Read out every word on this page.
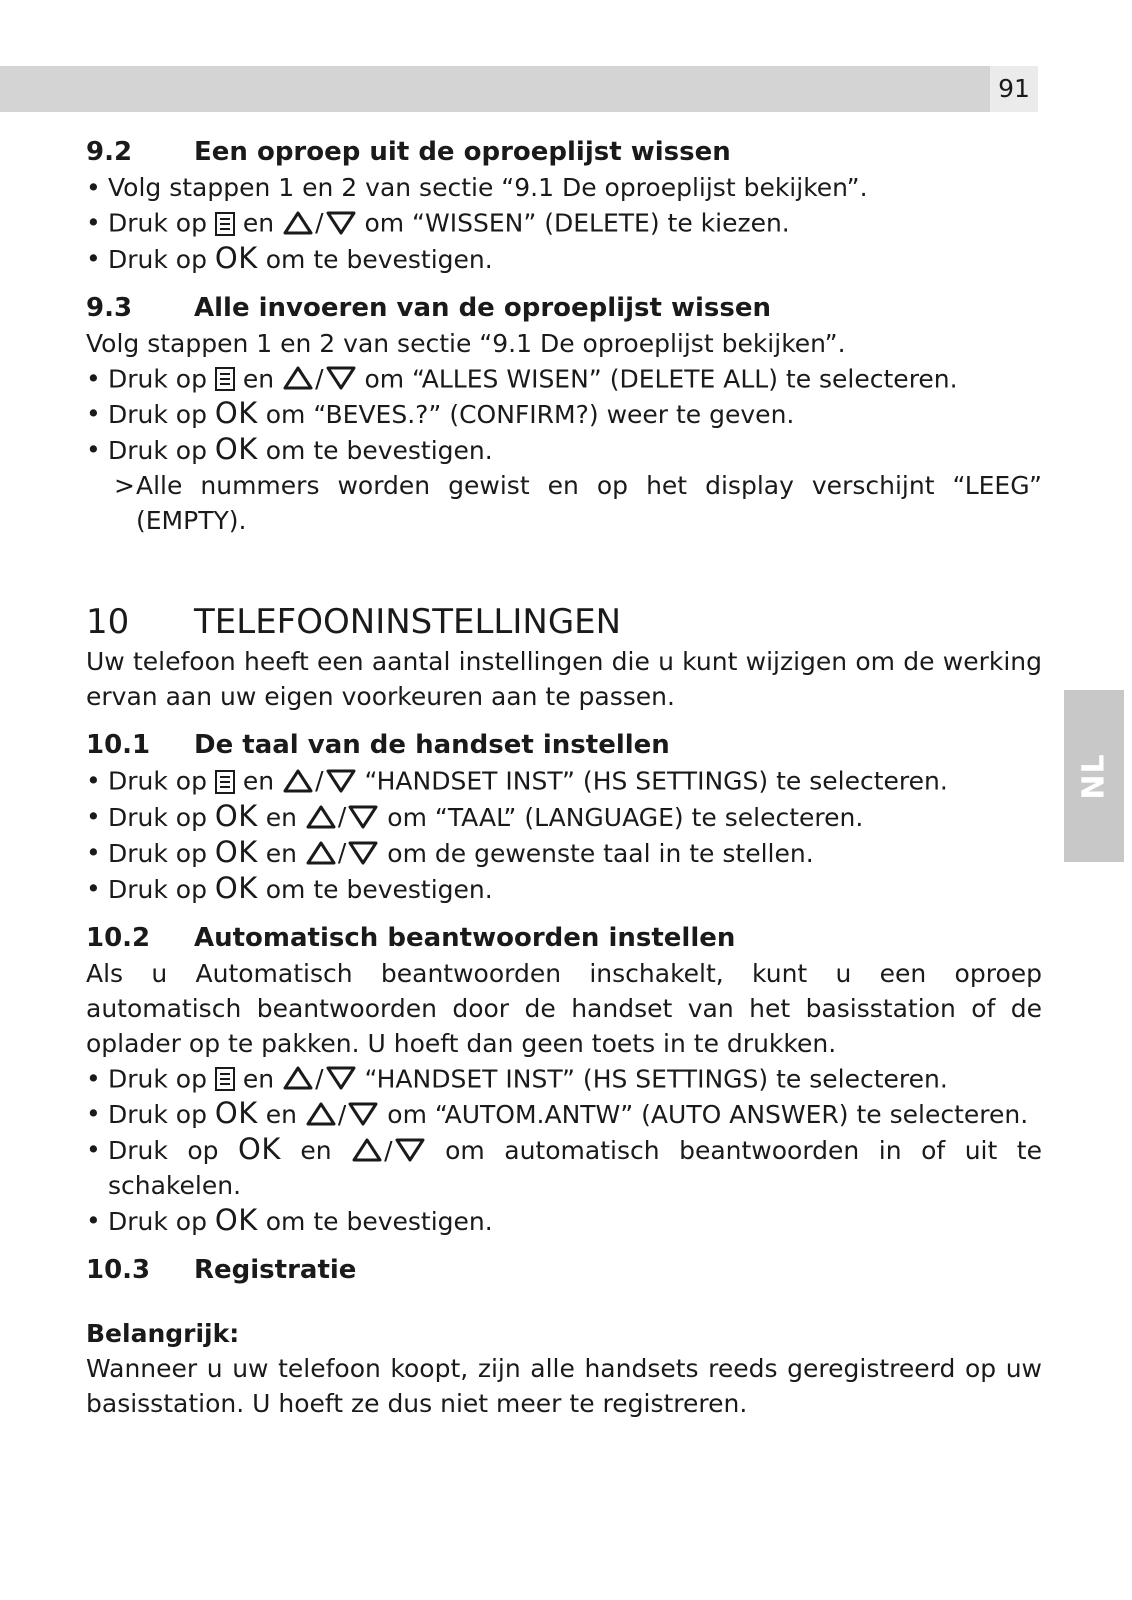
91
NL
9.2	Een oproep uit de oproeplijst wissen
• Volg stappen 1 en 2 van sectie “9.1 De oproeplijst bekijken”.
• Druk op en / om “WISSEN” (DELETE) te kiezen.
• Druk op OK om te bevestigen.
9.3	Alle invoeren van de oproeplijst wissen

Volg stappen 1 en 2 van sectie “9.1 De oproeplijst bekijken”.

• Druk op en / om “ALLES WISEN” (DELETE ALL) te selecteren.
• Druk op OK om “BEVES.?” (CONFIRM?) weer te geven.
• Druk op OK om te bevestigen.
> Alle nummers worden gewist en op het display verschijnt “LEEG” (EMPTY).
10	TELEFOONINSTELLINGEN

Uw telefoon heeft een aantal instellingen die u kunt wijzigen om de werking ervan aan uw eigen voorkeuren aan te passen.

10.1	De taal van de handset instellen
• Druk op en / “HANDSET INST” (HS SETTINGS) te selecteren.
• Druk op OK en / om “TAAL” (LANGUAGE) te selecteren.
• Druk op OK en / om de gewenste taal in te stellen.
• Druk op OK om te bevestigen.
10.2	Automatisch beantwoorden instellen

Als u Automatisch beantwoorden inschakelt, kunt u een oproep automatisch beantwoorden door de handset van het basisstation of de oplader op te pakken. U hoeft dan geen toets in te drukken.

• Druk op en / “HANDSET INST” (HS SETTINGS) te selecteren.
• Druk op OK en / om “AUTOM.ANTW” (AUTO ANSWER) te selecteren.
• Druk op OK en / om automatisch beantwoorden in of uit te schakelen.
• Druk op OK om te bevestigen.
10.3	Registratie

Belangrijk:

Wanneer u uw telefoon koopt, zijn alle handsets reeds geregistreerd op uw basisstation. U hoeft ze dus niet meer te registreren.
